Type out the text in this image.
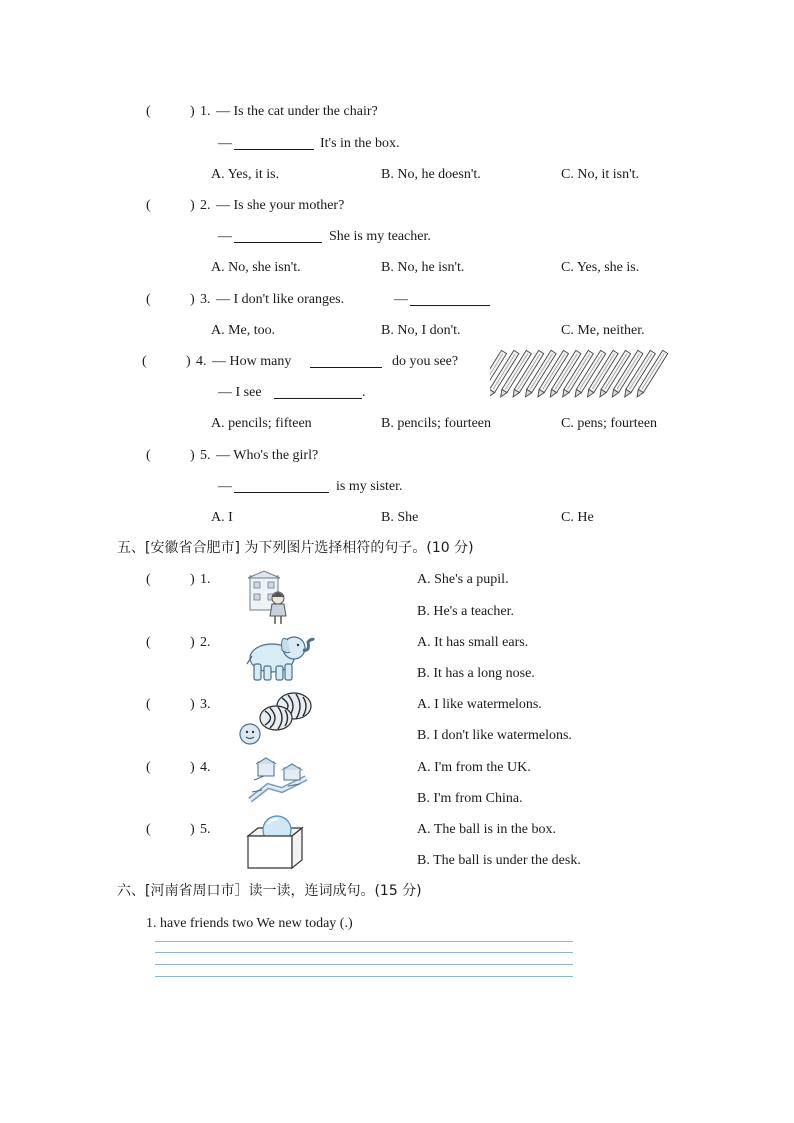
(	) 1. — Is the cat under the chair?
—	It's in the box.
A. Yes, it is.	B. No, he doesn't.	C. No, it isn't.
(	) 2. — Is she your mother?
—	She is my teacher.
A. No, she isn't.	B. No, he isn't.	C. Yes, she is.
(	) 3. — I don't like oranges.	—
A. Me, too.	B. No, I don't.	C. Me, neither.
(	) 4. — How many	do you see?
— I see	.
A. pencils; fifteen	B. pencils; fourteen	C. pens; fourteen
(	) 5. — Who's the girl?
—	is my sister.
A. I	B. She	C. He
五、[安徽省合肥市] 为下列图片选择相符的句子。(10 分)
(	) 1.	A. She's a pupil.
B. He's a teacher.
(	) 2.	A. It has small ears.
B. It has a long nose.
(	) 3.	A. I like watermelons.
B. I don't like watermelons.
(	) 4.	A. I'm from the UK.
B. I'm from China.
(	) 5.	A. The ball is in the box.
B. The ball is under the desk.
六、[河南省周口市］读一读，连词成句。(15 分)
1. have friends two We new today (.)
